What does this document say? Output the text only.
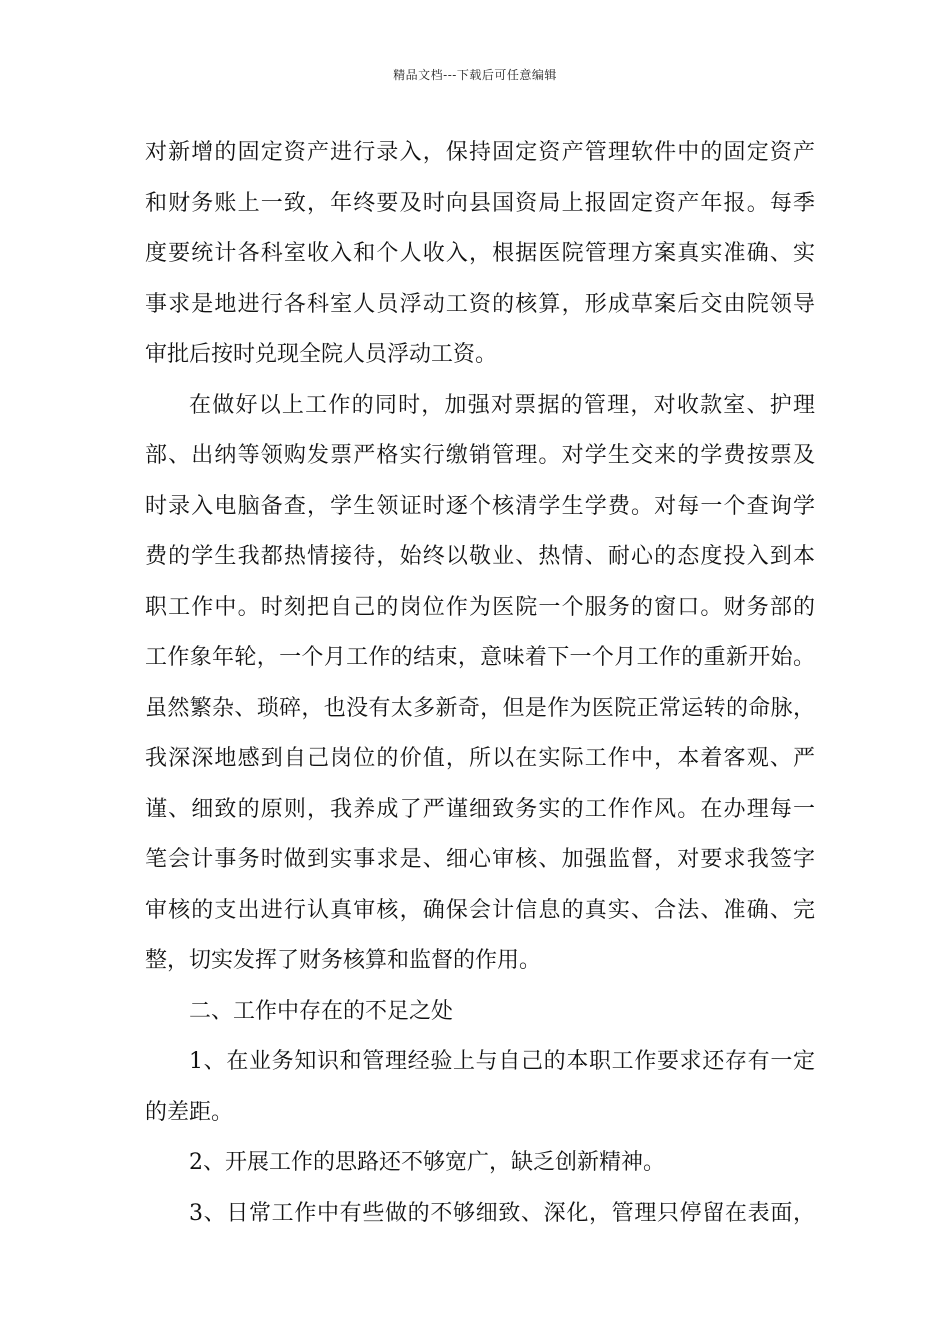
精品文档---下载后可任意编辑
对新增的固定资产进行录入，保持固定资产管理软件中的固定资产
和财务账上一致，年终要及时向县国资局上报固定资产年报。每季
度要统计各科室收入和个人收入，根据医院管理方案真实准确、实
事求是地进行各科室人员浮动工资的核算，形成草案后交由院领导
审批后按时兑现全院人员浮动工资。
在做好以上工作的同时，加强对票据的管理，对收款室、护理
部、出纳等领购发票严格实行缴销管理。对学生交来的学费按票及
时录入电脑备查，学生领证时逐个核清学生学费。对每一个查询学
费的学生我都热情接待，始终以敬业、热情、耐心的态度投入到本
职工作中。时刻把自己的岗位作为医院一个服务的窗口。财务部的
工作象年轮，一个月工作的结束，意味着下一个月工作的重新开始。
虽然繁杂、琐碎，也没有太多新奇，但是作为医院正常运转的命脉，
我深深地感到自己岗位的价值，所以在实际工作中，本着客观、严
谨、细致的原则，我养成了严谨细致务实的工作作风。在办理每一
笔会计事务时做到实事求是、细心审核、加强监督，对要求我签字
审核的支出进行认真审核，确保会计信息的真实、合法、准确、完
整，切实发挥了财务核算和监督的作用。
二、工作中存在的不足之处
1、在业务知识和管理经验上与自己的本职工作要求还存有一定
的差距。
2、开展工作的思路还不够宽广，缺乏创新精神。
3、日常工作中有些做的不够细致、深化，管理只停留在表面，
